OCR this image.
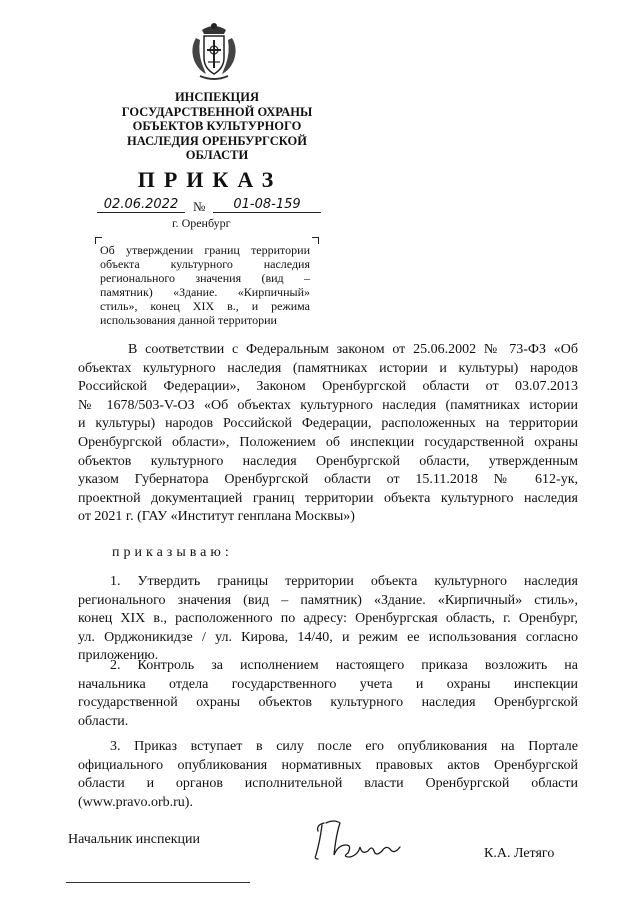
ИНСПЕКЦИЯ
ГОСУДАРСТВЕННОЙ ОХРАНЫ
ОБЪЕКТОВ КУЛЬТУРНОГО
НАСЛЕДИЯ ОРЕНБУРГСКОЙ
ОБЛАСТИ
ПРИКАЗ
02.06.2022	№	01-08-159
г. Оренбург
Об утверждении границ территории
объекта культурного наследия
регионального значения (вид –
памятник) «Здание. «Кирпичный»
стиль», конец XIX в., и режима
использования данной территории
В соответствии с Федеральным законом от 25.06.2002 № 73-ФЗ «Об
объектах культурного наследия (памятниках истории и культуры) народов
Российской Федерации», Законом Оренбургской области от 03.07.2013
№ 1678/503-V-ОЗ «Об объектах культурного наследия (памятниках истории
и культуры) народов Российской Федерации, расположенных на территории
Оренбургской области», Положением об инспекции государственной охраны
объектов культурного наследия Оренбургской области, утвержденным
указом Губернатора Оренбургской области от 15.11.2018 № 612-ук,
проектной документацией границ территории объекта культурного наследия
от 2021 г. (ГАУ «Институт генплана Москвы»)
приказываю:
1. Утвердить границы территории объекта культурного наследия
регионального значения (вид – памятник) «Здание. «Кирпичный» стиль»,
конец XIX в., расположенного по адресу: Оренбургская область, г. Оренбург,
ул. Орджоникидзе / ул. Кирова, 14/40, и режим ее использования согласно
приложению.
2. Контроль за исполнением настоящего приказа возложить на
начальника отдела государственного учета и охраны инспекции
государственной охраны объектов культурного наследия Оренбургской
области.
3. Приказ вступает в силу после его опубликования на Портале
официального опубликования нормативных правовых актов Оренбургской
области и органов исполнительной власти Оренбургской области
(www.pravo.orb.ru).
Начальник инспекции
К.А. Летяго
